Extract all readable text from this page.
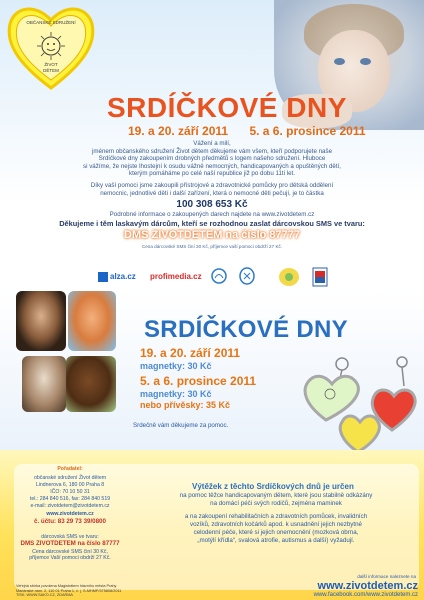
OBČANSKÉ SDRUŽENÍ
ŽIVOT
DĚTEM
SRDÍČKOVÉ DNY
19. a 20. září 2011 5. a 6. prosince 2011
Vážení a milí,
jménem občanského sdružení Život dětem děkujeme vám všem, kteří podporujete naše
Srdíčkové dny zakoupením drobných předmětů s logem našeho sdružení. Hluboce
si vážíme, že nejste lhostejní k osudu vážně nemocných, handicapovaných a opuštěných dětí,
kterým pomáháme po celé naší republice již po dobu 11ti let.
Díky vaší pomoci jsme zakoupili přístrojové a zdravotnické pomůcky pro dětská oddělení
nemocnic, jednotlivé děti i další zařízení, která o nemocné děti pečují, je to částka
100 308 653 Kč
Podrobné informace o zakoupených darech najdete na www.zivotdetem.cz
Děkujeme i těm laskavým dárcům, kteří se rozhodnou zaslat dárcovskou SMS ve tvaru:
DMS ZIVOTDETEM na číslo 87777
Cena dárcovské SMS činí 30 Kč, příjemce vaší pomoci obdrží 27 Kč.
alza.cz profimedia.cz
SRDÍČKOVÉ DNY
19. a 20. září 2011
magnetky: 30 Kč
5. a 6. prosince 2011
magnetky: 30 Kč
nebo přívěsky: 35 Kč
Srdečně vám děkujeme za pomoc.
Pořadatel:
občanské sdružení Život dětem
Lindnerova 6, 180 00 Praha 8
IČO: 70 10 50 31
tel.: 284 840 516, fax: 284 840 519
e-mail: zivotdetem@zivotdetem.cz
www.zivotdetem.cz
č. účtu: 83 29 73 39/0800
dárcovská SMS ve tvaru:
DMS ZIVOTDETEM na číslo 87777
Cena dárcovské SMS činí 30 Kč,
příjemce Vaší pomoci obdrží 27 Kč.
Veřejná sbírka povolena Magistrátem hlavního města Prahy
Mariánské nám. 2, 110 01 Praha 1, č. j. S-MHMP/375808/2011
TISK: WWW.SAKO.CZ, ZDARMA
Výtěžek z těchto Srdíčkových dnů je určen
na pomoc těžce handicapovaným dětem, které jsou stabilně odkázány
na domácí péči svých rodičů, zejména maminek
a na zakoupení rehabilitačních a zdravotních pomůcek, invalidních
vozíků, zdravotních kočárků apod. k usnadnění jejich nezbytné
celodenní péče, které si jejich onemocnění (mozková obrna,
„motýlí křídla“, svalová atrofie, autismus a další) vyžadují.
další informace naleznete na
www.zivotdetem.cz
www.facebook.com/www.zivotdetem.cz
